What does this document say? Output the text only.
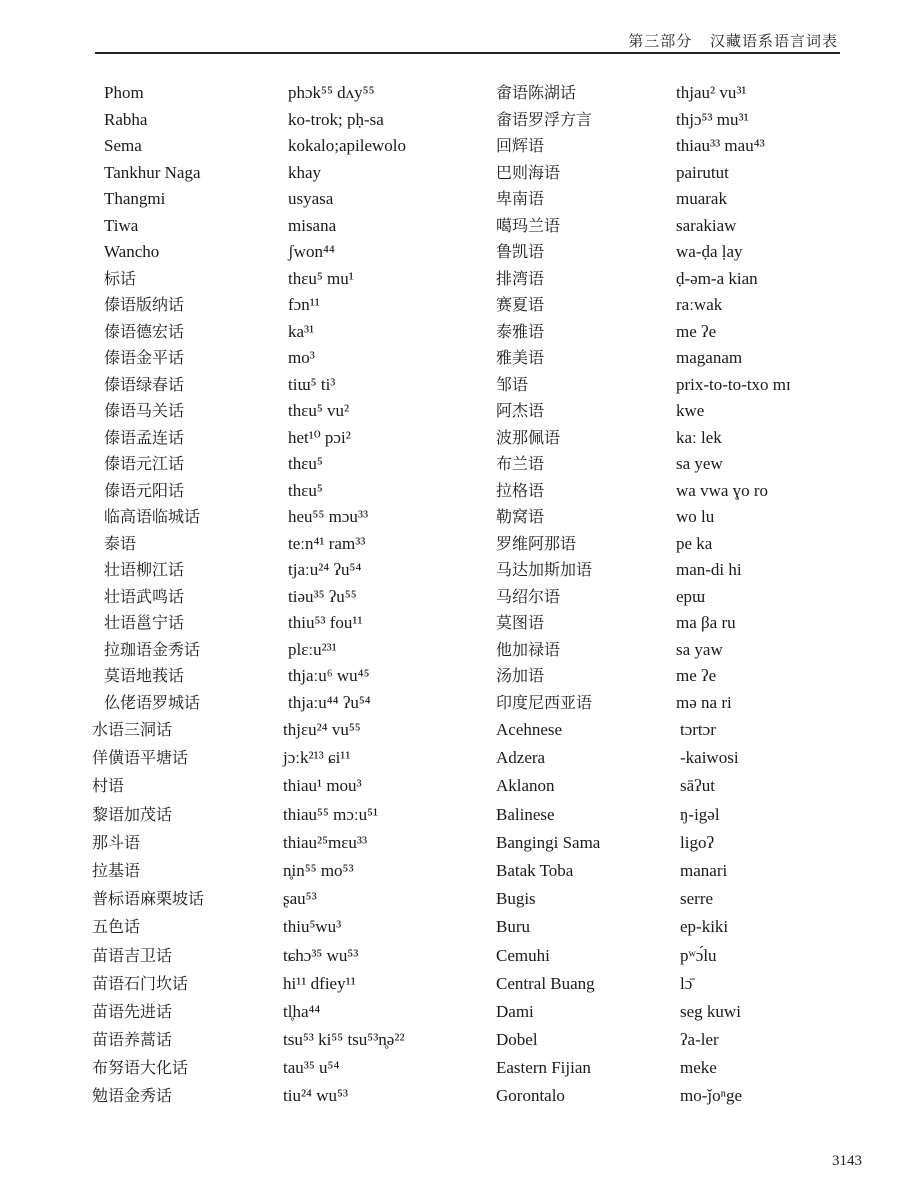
第三部分 汉藏语系语言词表
Phom
Rabha
Sema
Tankhur Naga
Thangmi
Tiwa
Wancho
标话
傣语版纳话
傣语德宏话
傣语金平话
傣语绿春话
傣语马关话
傣语孟连话
傣语元江话
傣语元阳话
临高语临城话
泰语
壮语柳江话
壮语武鸣话
壮语邕宁话
拉珈语金秀话
莫语地莪话
仫佬语罗城话
phɔk⁵⁵ dʌy⁵⁵
ko-trok; pḥ-sa
kokalo;apilewolo
khay
usyasa
misana
ʃwon⁴⁴
thɛu⁵ mu¹
fɔn¹¹
ka³¹
mo³
tiɯ⁵ ti³
thɛu⁵ vu²
het¹⁰ pɔi²
thɛu⁵
thɛu⁵
heu⁵⁵ mɔu³³
teːn⁴¹ ram³³
tjaːu²⁴ ʔu⁵⁴
tiəu³⁵ ʔu⁵⁵
thiu⁵³ fou¹¹
plɛːu²³¹
thjaːu⁶ wu⁴⁵
thjaːu⁴⁴ ʔu⁵⁴
畲语陈湖话
畲语罗浮方言
回辉语
巴则海语
卑南语
噶玛兰语
鲁凯语
排湾语
赛夏语
泰雅语
雅美语
邹语
阿杰语
波那佩语
布兰语
拉格语
勒窝语
罗维阿那语
马达加斯加语
马绍尔语
莫图语
他加禄语
汤加语
印度尼西亚语
thjau² vu³¹
thjɔ⁵³ mu³¹
thiau³³ mau⁴³
pairutut
muarak
sarakiaw
wa-ḍa ḷay
ḍ-əm-a kian
raːwak
me ʔe
maganam
prix-to-to-txo mɪ
kwe
kaː lek
sa yew
wa vwa ɣo ro
wo lu
pe ka
man-di hi
epɯ
ma βa ru
sa yaw
me ʔe
mə na ri
水语三洞话
佯僙语平塘话
村语
黎语加茂话
那斗语
拉基语
普标语麻栗坡话
五色话
苗语吉卫话
苗语石门坎话
苗语先进话
苗语养蒿话
布努语大化话
勉语金秀话
thjɛu²⁴ vu⁵⁵
jɔːk²¹³ ɕi¹¹
thiau¹ mou³
thiau⁵⁵ mɔːu⁵¹
thiau²⁵mɛu³³
n̥in⁵⁵ mo⁵³
ʂau⁵³
thiu⁵wu³
tɕhɔ³⁵ wu⁵³
hi¹¹ dfiey¹¹
tl̥ha⁴⁴
tsu⁵³ ki⁵⁵ tsu⁵³n̥ə²²
tau³⁵ u⁵⁴
tiu²⁴ wu⁵³
Acehnese
Adzera
Aklanon
Balinese
Bangingi Sama
Batak Toba
Bugis
Buru
Cemuhi
Central Buang
Dami
Dobel
Eastern Fijian
Gorontalo
tɔrtɔr
-kaiwosi
sāʔut
ŋ-igəl
ligoʔ
manari
serre
ep-kiki
pʷɔ́lu
lɔ̄
seg kuwi
ʔa-ler
meke
mo-ǰoⁿge
3143
